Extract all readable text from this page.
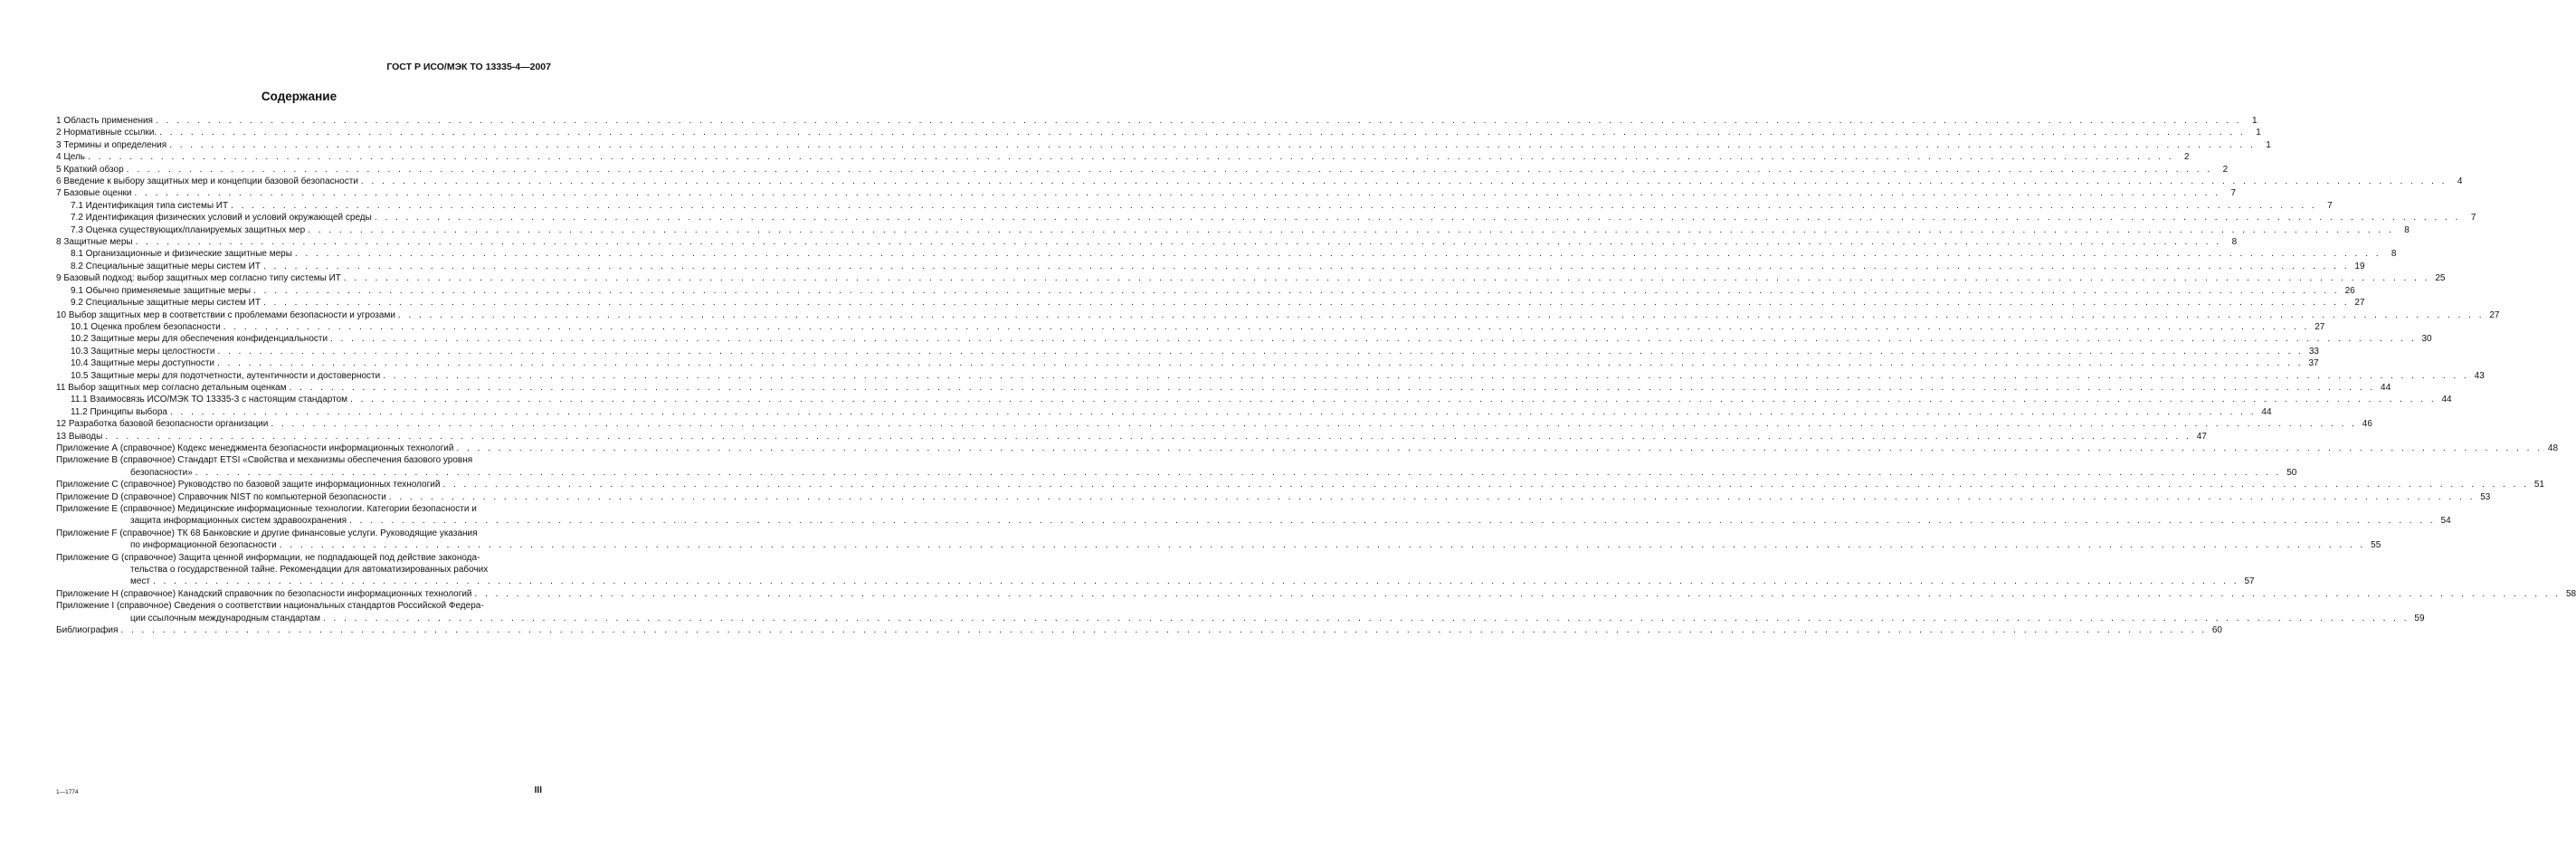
ГОСТ Р ИСО/МЭК ТО 13335-4—2007
Содержание
1 Область применения . . . . . . . . . . . . . . . . . . . . . . . . . . . . . . . . . . . . . . . . . . . . . . . . . . . . . . . . . . . . . . . . . . . . . . . . . . . . . . . . . . . . . . . . . . . . . . . . . . . . . . . . . . . . . . . . . . . . . . . . . . . . . . . . . . . . . . . . . . . . . . . . . . . . . . . . . . . . . . . . . . . . . . . . . . . . . . . . . . . . . . . . . . . . . . . . . . . . . . . .	1
2 Нормативные ссылки. . . . . . . . . . . . . . . . . . . . . . . . . . . . . . . . . . . . . . . . . . . . . . . . . . . . . . . . . . . . . . . . . . . . . . . . . . . . . . . . . . . . . . . . . . . . . . . . . . . . . . . . . . . . . . . . . . . . . . . . . . . . . . . . . . . . . . . . . . . . . . . . . . . . . . . . . . . . . . . . . . . . . . . . . . . . . . . . . . . . . . . . . . . . . . . . . . . . . . . . .	1
3 Термины и определения . . . . . . . . . . . . . . . . . . . . . . . . . . . . . . . . . . . . . . . . . . . . . . . . . . . . . . . . . . . . . . . . . . . . . . . . . . . . . . . . . . . . . . . . . . . . . . . . . . . . . . . . . . . . . . . . . . . . . . . . . . . . . . . . . . . . . . . . . . . . . . . . . . . . . . . . . . . . . . . . . . . . . . . . . . . . . . . . . . . . . . . . . . . . . . . . . . . . . . . .	1
4 Цель . . . . . . . . . . . . . . . . . . . . . . . . . . . . . . . . . . . . . . . . . . . . . . . . . . . . . . . . . . . . . . . . . . . . . . . . . . . . . . . . . . . . . . . . . . . . . . . . . . . . . . . . . . . . . . . . . . . . . . . . . . . . . . . . . . . . . . . . . . . . . . . . . . . . . . . . . . . . . . . . . . . . . . . . . . . . . . . . . . . . . . . . . . . . . . . . . . . . . . . .	2
5 Краткий обзор . . . . . . . . . . . . . . . . . . . . . . . . . . . . . . . . . . . . . . . . . . . . . . . . . . . . . . . . . . . . . . . . . . . . . . . . . . . . . . . . . . . . . . . . . . . . . . . . . . . . . . . . . . . . . . . . . . . . . . . . . . . . . . . . . . . . . . . . . . . . . . . . . . . . . . . . . . . . . . . . . . . . . . . . . . . . . . . . . . . . . . . . . . . . . . . . . . . . . . . .	2
6 Введение к выбору защитных мер и концепции базовой безопасности . . . . . . . . . . . . . . . . . . . . . . . . . . . . . . . . . . . . . . . . . . . . . . . . . . . . . . . . . . . . . . . . . . . . . . . . . . . . . . . . . . . . . . . . . . . . . . . . . . . . . . . . . . . . . . . . . . . . . . . . . . . . . . . . . . . . . . . . . . . . . . . . . . . . . . . . . . . . . . . . . . . . . . . . . . . . . . . . . . . . . . . . . . . . . . . . . . . . . . . .	4
7 Базовые оценки . . . . . . . . . . . . . . . . . . . . . . . . . . . . . . . . . . . . . . . . . . . . . . . . . . . . . . . . . . . . . . . . . . . . . . . . . . . . . . . . . . . . . . . . . . . . . . . . . . . . . . . . . . . . . . . . . . . . . . . . . . . . . . . . . . . . . . . . . . . . . . . . . . . . . . . . . . . . . . . . . . . . . . . . . . . . . . . . . . . . . . . . . . . . . . . . . . . . . . . .	7
7.1 Идентификация типа системы ИТ . . . . . . . . . . . . . . . . . . . . . . . . . . . . . . . . . . . . . . . . . . . . . . . . . . . . . . . . . . . . . . . . . . . . . . . . . . . . . . . . . . . . . . . . . . . . . . . . . . . . . . . . . . . . . . . . . . . . . . . . . . . . . . . . . . . . . . . . . . . . . . . . . . . . . . . . . . . . . . . . . . . . . . . . . . . . . . . . . . . . . . . . . . . . . . . . . . . . . . . .	7
7.2 Идентификация физических условий и условий окружающей среды . . . . . . . . . . . . . . . . . . . . . . . . . . . . . . . . . . . . . . . . . . . . . . . . . . . . . . . . . . . . . . . . . . . . . . . . . . . . . . . . . . . . . . . . . . . . . . . . . . . . . . . . . . . . . . . . . . . . . . . . . . . . . . . . . . . . . . . . . . . . . . . . . . . . . . . . . . . . . . . . . . . . . . . . . . . . . . . . . . . . . . . . . . . . . . . . . . . . . . . .	7
7.3 Оценка существующих/планируемых защитных мер . . . . . . . . . . . . . . . . . . . . . . . . . . . . . . . . . . . . . . . . . . . . . . . . . . . . . . . . . . . . . . . . . . . . . . . . . . . . . . . . . . . . . . . . . . . . . . . . . . . . . . . . . . . . . . . . . . . . . . . . . . . . . . . . . . . . . . . . . . . . . . . . . . . . . . . . . . . . . . . . . . . . . . . . . . . . . . . . . . . . . . . . . . . . . . . . . . . . . . . .	8
8 Защитные меры . . . . . . . . . . . . . . . . . . . . . . . . . . . . . . . . . . . . . . . . . . . . . . . . . . . . . . . . . . . . . . . . . . . . . . . . . . . . . . . . . . . . . . . . . . . . . . . . . . . . . . . . . . . . . . . . . . . . . . . . . . . . . . . . . . . . . . . . . . . . . . . . . . . . . . . . . . . . . . . . . . . . . . . . . . . . . . . . . . . . . . . . . . . . . . . . . . . . . . . .	8
8.1 Организационные и физические защитные меры . . . . . . . . . . . . . . . . . . . . . . . . . . . . . . . . . . . . . . . . . . . . . . . . . . . . . . . . . . . . . . . . . . . . . . . . . . . . . . . . . . . . . . . . . . . . . . . . . . . . . . . . . . . . . . . . . . . . . . . . . . . . . . . . . . . . . . . . . . . . . . . . . . . . . . . . . . . . . . . . . . . . . . . . . . . . . . . . . . . . . . . . . . . . . . . . . . . . . . . .	8
8.2 Специальные защитные меры систем ИТ . . . . . . . . . . . . . . . . . . . . . . . . . . . . . . . . . . . . . . . . . . . . . . . . . . . . . . . . . . . . . . . . . . . . . . . . . . . . . . . . . . . . . . . . . . . . . . . . . . . . . . . . . . . . . . . . . . . . . . . . . . . . . . . . . . . . . . . . . . . . . . . . . . . . . . . . . . . . . . . . . . . . . . . . . . . . . . . . . . . . . . . . . . . . . . . . . . . . . . . . 19
9 Базовый подход: выбор защитных мер согласно типу системы ИТ . . . . . . . . . . . . . . . . . . . . . . . . . . . . . . . . . . . . . . . . . . . . . . . . . . . . . . . . . . . . . . . . . . . . . . . . . . . . . . . . . . . . . . . . . . . . . . . . . . . . . . . . . . . . . . . . . . . . . . . . . . . . . . . . . . . . . . . . . . . . . . . . . . . . . . . . . . . . . . . . . . . . . . . . . . . . . . . . . . . . . . . . . . . . . . . . . . . . . . . . 25
9.1 Обычно применяемые защитные меры . . . . . . . . . . . . . . . . . . . . . . . . . . . . . . . . . . . . . . . . . . . . . . . . . . . . . . . . . . . . . . . . . . . . . . . . . . . . . . . . . . . . . . . . . . . . . . . . . . . . . . . . . . . . . . . . . . . . . . . . . . . . . . . . . . . . . . . . . . . . . . . . . . . . . . . . . . . . . . . . . . . . . . . . . . . . . . . . . . . . . . . . . . . . . . . . . . . . . . . . 26
9.2 Специальные защитные меры систем ИТ . . . . . . . . . . . . . . . . . . . . . . . . . . . . . . . . . . . . . . . . . . . . . . . . . . . . . . . . . . . . . . . . . . . . . . . . . . . . . . . . . . . . . . . . . . . . . . . . . . . . . . . . . . . . . . . . . . . . . . . . . . . . . . . . . . . . . . . . . . . . . . . . . . . . . . . . . . . . . . . . . . . . . . . . . . . . . . . . . . . . . . . . . . . . . . . . . . . . . . . . 27
10 Выбор защитных мер в соответствии с проблемами безопасности и угрозами . . . . . . . . . . . . . . . . . . . . . . . . . . . . . . . . . . . . . . . . . . . . . . . . . . . . . . . . . . . . . . . . . . . . . . . . . . . . . . . . . . . . . . . . . . . . . . . . . . . . . . . . . . . . . . . . . . . . . . . . . . . . . . . . . . . . . . . . . . . . . . . . . . . . . . . . . . . . . . . . . . . . . . . . . . . . . . . . . . . . . . . . . . . . . . . . . . . . . . . . 27
10.1 Оценка проблем безопасности . . . . . . . . . . . . . . . . . . . . . . . . . . . . . . . . . . . . . . . . . . . . . . . . . . . . . . . . . . . . . . . . . . . . . . . . . . . . . . . . . . . . . . . . . . . . . . . . . . . . . . . . . . . . . . . . . . . . . . . . . . . . . . . . . . . . . . . . . . . . . . . . . . . . . . . . . . . . . . . . . . . . . . . . . . . . . . . . . . . . . . . . . . . . . . . . . . . . . . . . 27
10.2 Защитные меры для обеспечения конфиденциальности . . . . . . . . . . . . . . . . . . . . . . . . . . . . . . . . . . . . . . . . . . . . . . . . . . . . . . . . . . . . . . . . . . . . . . . . . . . . . . . . . . . . . . . . . . . . . . . . . . . . . . . . . . . . . . . . . . . . . . . . . . . . . . . . . . . . . . . . . . . . . . . . . . . . . . . . . . . . . . . . . . . . . . . . . . . . . . . . . . . . . . . . . . . . . . . . . . . . . . . . 30
10.3 Защитные меры целостности . . . . . . . . . . . . . . . . . . . . . . . . . . . . . . . . . . . . . . . . . . . . . . . . . . . . . . . . . . . . . . . . . . . . . . . . . . . . . . . . . . . . . . . . . . . . . . . . . . . . . . . . . . . . . . . . . . . . . . . . . . . . . . . . . . . . . . . . . . . . . . . . . . . . . . . . . . . . . . . . . . . . . . . . . . . . . . . . . . . . . . . . . . . . . . . . . . . . . . . . 33
10.4 Защитные меры доступности . . . . . . . . . . . . . . . . . . . . . . . . . . . . . . . . . . . . . . . . . . . . . . . . . . . . . . . . . . . . . . . . . . . . . . . . . . . . . . . . . . . . . . . . . . . . . . . . . . . . . . . . . . . . . . . . . . . . . . . . . . . . . . . . . . . . . . . . . . . . . . . . . . . . . . . . . . . . . . . . . . . . . . . . . . . . . . . . . . . . . . . . . . . . . . . . . . . . . . . . 37
10.5 Защитные меры для подотчетности, аутентичности и достоверности . . . . . . . . . . . . . . . . . . . . . . . . . . . . . . . . . . . . . . . . . . . . . . . . . . . . . . . . . . . . . . . . . . . . . . . . . . . . . . . . . . . . . . . . . . . . . . . . . . . . . . . . . . . . . . . . . . . . . . . . . . . . . . . . . . . . . . . . . . . . . . . . . . . . . . . . . . . . . . . . . . . . . . . . . . . . . . . . . . . . . . . . . . . . . . . . . . . . . . . . 43
11 Выбор защитных мер согласно детальным оценкам . . . . . . . . . . . . . . . . . . . . . . . . . . . . . . . . . . . . . . . . . . . . . . . . . . . . . . . . . . . . . . . . . . . . . . . . . . . . . . . . . . . . . . . . . . . . . . . . . . . . . . . . . . . . . . . . . . . . . . . . . . . . . . . . . . . . . . . . . . . . . . . . . . . . . . . . . . . . . . . . . . . . . . . . . . . . . . . . . . . . . . . . . . . . . . . . . . . . . . . . 44
11.1 Взаимосвязь ИСО/МЭК ТО 13335-3 с настоящим стандартом . . . . . . . . . . . . . . . . . . . . . . . . . . . . . . . . . . . . . . . . . . . . . . . . . . . . . . . . . . . . . . . . . . . . . . . . . . . . . . . . . . . . . . . . . . . . . . . . . . . . . . . . . . . . . . . . . . . . . . . . . . . . . . . . . . . . . . . . . . . . . . . . . . . . . . . . . . . . . . . . . . . . . . . . . . . . . . . . . . . . . . . . . . . . . . . . . . . . . . . . 44
11.2 Принципы выбора . . . . . . . . . . . . . . . . . . . . . . . . . . . . . . . . . . . . . . . . . . . . . . . . . . . . . . . . . . . . . . . . . . . . . . . . . . . . . . . . . . . . . . . . . . . . . . . . . . . . . . . . . . . . . . . . . . . . . . . . . . . . . . . . . . . . . . . . . . . . . . . . . . . . . . . . . . . . . . . . . . . . . . . . . . . . . . . . . . . . . . . . . . . . . . . . . . . . . . . . 44
12 Разработка базовой безопасности организации . . . . . . . . . . . . . . . . . . . . . . . . . . . . . . . . . . . . . . . . . . . . . . . . . . . . . . . . . . . . . . . . . . . . . . . . . . . . . . . . . . . . . . . . . . . . . . . . . . . . . . . . . . . . . . . . . . . . . . . . . . . . . . . . . . . . . . . . . . . . . . . . . . . . . . . . . . . . . . . . . . . . . . . . . . . . . . . . . . . . . . . . . . . . . . . . . . . . . . . . 46
13 Выводы . . . . . . . . . . . . . . . . . . . . . . . . . . . . . . . . . . . . . . . . . . . . . . . . . . . . . . . . . . . . . . . . . . . . . . . . . . . . . . . . . . . . . . . . . . . . . . . . . . . . . . . . . . . . . . . . . . . . . . . . . . . . . . . . . . . . . . . . . . . . . . . . . . . . . . . . . . . . . . . . . . . . . . . . . . . . . . . . . . . . . . . . . . . . . . . . . . . . . . . . 47
Приложение А (справочное) Кодекс менеджмента безопасности информационных технологий . . . . . . . . . . . . . . . . . . . . . . . . . . . . . . . . . . . . . . . . . . . . . . . . . . . . . . . . . . . . . . . . . . . . . . . . . . . . . . . . . . . . . . . . . . . . . . . . . . . . . . . . . . . . . . . . . . . . . . . . . . . . . . . . . . . . . . . . . . . . . . . . . . . . . . . . . . . . . . . . . . . . . . . . . . . . . . . . . . . . . . . . . . . . . . . . . . . . . . . . 48
Приложение В (справочное) Стандарт ETSI «Свойства и механизмы обеспечения базового уровня
безопасности» . . . . . . . . . . . . . . . . . . . . . . . . . . . . . . . . . . . . . . . . . . . . . . . . . . . . . . . . . . . . . . . . . . . . . . . . . . . . . . . . . . . . . . . . . . . . . . . . . . . . . . . . . . . . . . . . . . . . . . . . . . . . . . . . . . . . . . . . . . . . . . . . . . . . . . . . . . . . . . . . . . . . . . . . . . . . . . . . . . . . . . . . . . . . . . . . . . . . . . . . 50
Приложение С (справочное) Руководство по базовой защите информационных технологий . . . . . . . . . . . . . . . . . . . . . . . . . . . . . . . . . . . . . . . . . . . . . . . . . . . . . . . . . . . . . . . . . . . . . . . . . . . . . . . . . . . . . . . . . . . . . . . . . . . . . . . . . . . . . . . . . . . . . . . . . . . . . . . . . . . . . . . . . . . . . . . . . . . . . . . . . . . . . . . . . . . . . . . . . . . . . . . . . . . . . . . . . . . . . . . . . . . . . . . . 51
Приложение D (справочное) Справочник NIST по компьютерной безопасности . . . . . . . . . . . . . . . . . . . . . . . . . . . . . . . . . . . . . . . . . . . . . . . . . . . . . . . . . . . . . . . . . . . . . . . . . . . . . . . . . . . . . . . . . . . . . . . . . . . . . . . . . . . . . . . . . . . . . . . . . . . . . . . . . . . . . . . . . . . . . . . . . . . . . . . . . . . . . . . . . . . . . . . . . . . . . . . . . . . . . . . . . . . . . . . . . . . . . . . . 53
Приложение Е (справочное) Медицинские информационные технологии. Категории безопасности и
защита информационных систем здравоохранения . . . . . . . . . . . . . . . . . . . . . . . . . . . . . . . . . . . . . . . . . . . . . . . . . . . . . . . . . . . . . . . . . . . . . . . . . . . . . . . . . . . . . . . . . . . . . . . . . . . . . . . . . . . . . . . . . . . . . . . . . . . . . . . . . . . . . . . . . . . . . . . . . . . . . . . . . . . . . . . . . . . . . . . . . . . . . . . . . . . . . . . . . . . . . . . . . . . . . . . . 54
Приложение F (справочное) ТК 68 Банковские и другие финансовые услуги. Руководящие указания
по информационной безопасности . . . . . . . . . . . . . . . . . . . . . . . . . . . . . . . . . . . . . . . . . . . . . . . . . . . . . . . . . . . . . . . . . . . . . . . . . . . . . . . . . . . . . . . . . . . . . . . . . . . . . . . . . . . . . . . . . . . . . . . . . . . . . . . . . . . . . . . . . . . . . . . . . . . . . . . . . . . . . . . . . . . . . . . . . . . . . . . . . . . . . . . . . . . . . . . . . . . . . . . . 55
Приложение G (справочное) Защита ценной информации, не подпадающей под действие законода-
тельства о государственной тайне. Рекомендации для автоматизированных рабочих
мест . . . . . . . . . . . . . . . . . . . . . . . . . . . . . . . . . . . . . . . . . . . . . . . . . . . . . . . . . . . . . . . . . . . . . . . . . . . . . . . . . . . . . . . . . . . . . . . . . . . . . . . . . . . . . . . . . . . . . . . . . . . . . . . . . . . . . . . . . . . . . . . . . . . . . . . . . . . . . . . . . . . . . . . . . . . . . . . . . . . . . . . . . . . . . . . . . . . . . . . . 57
Приложение Н (справочное) Канадский справочник по безопасности информационных технологий . . . . . . . . . . . . . . . . . . . . . . . . . . . . . . . . . . . . . . . . . . . . . . . . . . . . . . . . . . . . . . . . . . . . . . . . . . . . . . . . . . . . . . . . . . . . . . . . . . . . . . . . . . . . . . . . . . . . . . . . . . . . . . . . . . . . . . . . . . . . . . . . . . . . . . . . . . . . . . . . . . . . . . . . . . . . . . . . . . . . . . . . . . . . . . . . . . . . . . . . 58
Приложение I (справочное) Сведения о соответствии национальных стандартов Российской Федера-
ции ссылочным международным стандартам . . . . . . . . . . . . . . . . . . . . . . . . . . . . . . . . . . . . . . . . . . . . . . . . . . . . . . . . . . . . . . . . . . . . . . . . . . . . . . . . . . . . . . . . . . . . . . . . . . . . . . . . . . . . . . . . . . . . . . . . . . . . . . . . . . . . . . . . . . . . . . . . . . . . . . . . . . . . . . . . . . . . . . . . . . . . . . . . . . . . . . . . . . . . . . . . . . . . . . . . 59
Библиография . . . . . . . . . . . . . . . . . . . . . . . . . . . . . . . . . . . . . . . . . . . . . . . . . . . . . . . . . . . . . . . . . . . . . . . . . . . . . . . . . . . . . . . . . . . . . . . . . . . . . . . . . . . . . . . . . . . . . . . . . . . . . . . . . . . . . . . . . . . . . . . . . . . . . . . . . . . . . . . . . . . . . . . . . . . . . . . . . . . . . . . . . . . . . . . . . . . . . . . . 60
1—1774	III
